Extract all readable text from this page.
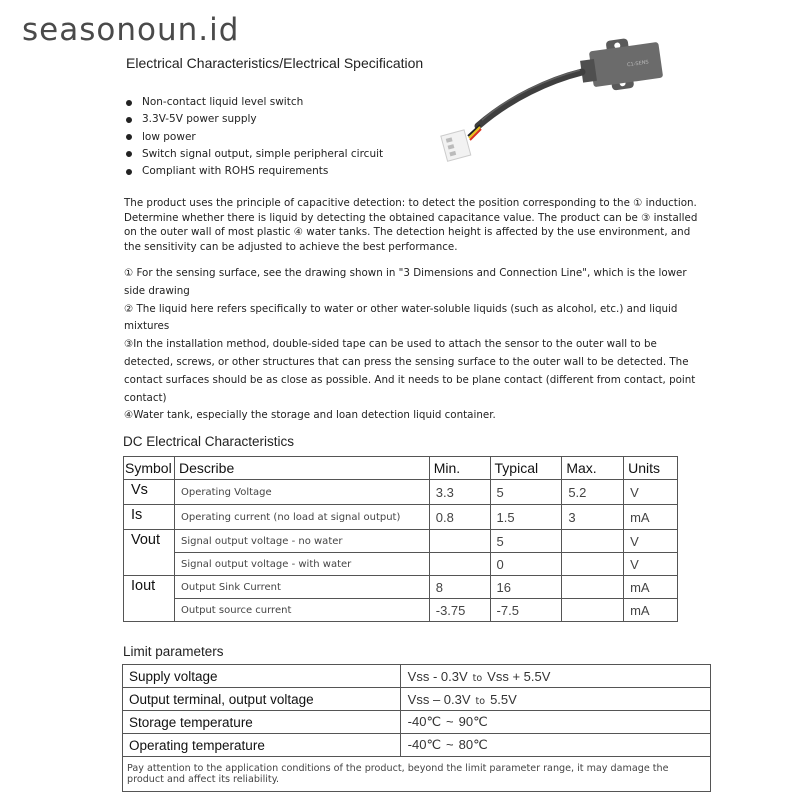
seasonoun.id
Electrical Characteristics/Electrical Specification
Non-contact liquid level switch
3.3V-5V power supply
low power
Switch signal output, simple peripheral circuit
Compliant with ROHS requirements
C1-SENS
The product uses the principle of capacitive detection: to detect the position corresponding to the ① induction. Determine whether there is liquid by detecting the obtained capacitance value. The product can be ③ installed on the outer wall of most plastic ④ water tanks. The detection height is affected by the use environment, and the sensitivity can be adjusted to achieve the best performance.
① For the sensing surface, see the drawing shown in "3 Dimensions and Connection Line", which is the lower side drawing
② The liquid here refers specifically to water or other water-soluble liquids (such as alcohol, etc.) and liquid mixtures
③In the installation method, double-sided tape can be used to attach the sensor to the outer wall to be detected, screws, or other structures that can press the sensing surface to the outer wall to be detected. The contact surfaces should be as close as possible. And it needs to be plane contact (different from contact, point contact)
④Water tank, especially the storage and loan detection liquid container.
DC Electrical Characteristics
Symbol	Describe	Min.	Typical	Max.	Units
Vs	Operating Voltage	3.3	5	5.2	V
Is	Operating current (no load at signal output)	0.8	1.5	3	mA
Vout	Signal output voltage - no water		5		V
	Signal output voltage - with water		0		V
Iout	Output Sink Current	8	16		mA
	Output source current	-3.75	-7.5		mA
Limit parameters
Supply voltage	Vss - 0.3V to Vss + 5.5V
Output terminal, output voltage	Vss – 0.3V to 5.5V
Storage temperature	-40℃ ~ 90℃
Operating temperature	-40℃ ~ 80℃
Pay attention to the application conditions of the product, beyond the limit parameter range, it may damage the product and affect its reliability.	
